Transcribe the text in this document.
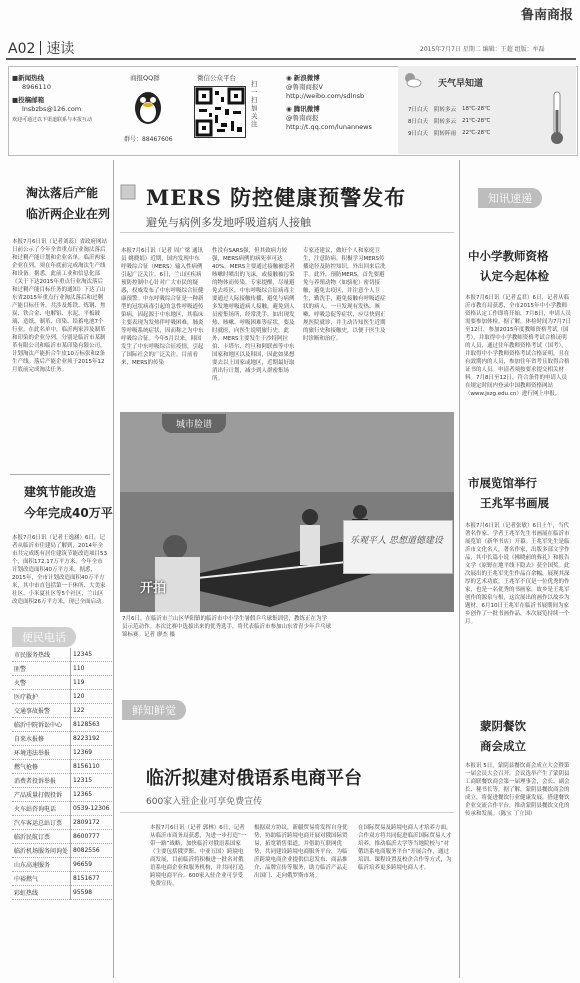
鲁南商报
A02 速读	2015年7月7日 星期二 编辑：王超 组版：牟磊
■新闻热线
8966110
■投稿邮箱
lnsbzbs@126.com
欢迎可通过以下渠道联系与本报互动
商报QQ群
群号：88467606
微信公众平台
扫一扫 加关注
◉ 新浪微博
@鲁南商报V
http://weibo.com/sdlnsb
◉ 腾讯微博
@鲁南商报
http://t.qq.com/lunannews
天气早知道
7日白天	阴转多云	18℃-28℃
8日白天	阴转多云	21℃-28℃
9日白天	阴转阵雨	22℃-28℃
淘汰落后产能
临沂两企业在列
本报7月6日讯（记者刘蕊）省政府网站日前公示了今年全省重点行业淘汰落后和过剩产能计划和企业名单，临沂两家企业在列，须在年底前完成淘汰生产线和设备。据悉，此前工业和信息化部《关于下达2015年重点行业淘汰落后和过剩产能目标任务的通知》下达了山东省2015年重点行业淘汰落后和过剩产能目标任务，共涉及炼铁、炼钢、焦炭、铁合金、电解铝、水泥、平板玻璃、造纸、制革、印染、铅蓄电池7个行业。在此名单中，临沂两家涉及制革和印染的企业分列，分别是临沂市某制革有限公司和临沂市某印染有限公司，计划淘汰产能折合牛皮10万标张和2条生产线。落后产能企业须于2015年12月底前完成淘汰任务。
建筑节能改造
今年完成40万平
本报7月6日讯（记者王逸涵）6日，记者从临沂市住建局了解到，2014年全市共完成既有居住建筑节能改造项目53个，面积172.17万平方米。今年全市计划改造面积40万平方米。据悉，2015年，全市计划改造面积40万平方米，其中市直包括第一干休所、大美家社区、小米夏社区等5个社区，兰山区改造面积26万平方米，现已全面启动。
便民电话
市民服务热线	12345
匪警	110
火警	119
医疗救护	120
交通事故报警	122
临沂中院诉讼中心	8128563
自来水报修	8223192
环境违法举报	12369
燃气抢修	8156110
消费者投诉举报	12315
产品质量打假投诉	12365
火车站咨询电话	0539-12306
汽车客运总站订票	2809172
临沂民航订票	8600777
临沂机场服务问询处	8082556
山东高速服务	96659
中裕燃气	8151677
彩虹热线	95598
MERS 防控健康预警发布
避免与病例多发地呼吸道病人接触
本报7月6日讯（记者 周广梁 通讯员 姚晓娟）近期，国内发现中东呼吸综合征（MERS）输入性病例引起广泛关注。6日，兰山区疾病预防控制中心针对广大市民的疑惑，权威发布了中东呼吸综合征健康预警。中东呼吸综合征是一种新型的冠状病毒引起的急性呼吸道传染病，因起源于中东地区，其临床主要表现为发热伴呼吸困难，肺炎等呼吸系统症状，因而称之为中东呼吸综合征。今年5月以来，韩国发生了中东呼吸综合征疫情，引起了国际社会的广泛关注。目前看来，MERS的传染
性没有SARS强，但其致病力较强，MERS病例的病死率可达40%。MERS主要通过接触被患者咳嗽时喷出的飞沫，或接触被污染的物体而传染。专家提醒，尽量避免去疫区，中东呼吸综合征病毒主要通过人际接触传播，避免与病例多发地呼吸道病人接触，避免到人员密集场所，经常洗手。如出现发热、咳嗽、呼吸困难等症状，要及时就医，向医生说明旅行史。此外，MERS主要发生于沙特阿拉伯、卡塔尔、约旦和阿联酋等中东国家和地区以及韩国，因此如果想要去以上国家或地区，近期最好取消出行计划，减少到人群密集场所。
专家还建议，做好个人和家庭卫生，注意防病。积极学习MERS传播途径及防控知识，外出回来后洗手。此外，预防MERS，首先要避免与养殖动物（如骆驼）密切接触，避免去疫区，并注意个人卫生，勤洗手，避免接触有呼吸道症状的病人。一旦发现有发热、咳嗽、呼吸急促等症状，应尽快到正规医院就诊，并主动告知医生近期的旅行史和接触史，以便于医生及时诊断和治疗。
知讯速递
城市脸谱
开拍
乐观平人 思想道德建设
7月6日，在临沂市兰山区华阳镇的临沂市中小学生暑假乒乓球集训营，教练正在为学员示范动作。本次比赛中选拔出来的优秀选手，将代表临沂市参加山东省青少年乒乓球锦标赛。记者 廖杰 摄
鲜知鲜觉
临沂拟建对俄语系电商平台
600家入驻企业可享免费宣传
本报7月6日讯（记者 郭林）6日，记者从临沂市商务局获悉，为进一步打造“一带一路”战略，加快临沂对俄语系国家（主要包括俄罗斯、中亚五国）跨境电商发展，目前临沂将积极进一批名对俄语系电商企业和服务机构，并共同打造跨境电商平台。600家入驻企业可享受免费宣传。
根据双方协议，新疆贸易将发挥自身优势，协助临沂跨境电商开展对俄国际贸易，拓宽销售渠道，并借助互联网优势，共同建设跨境电商服务平台，为临沂跨境电商企业提供信息发布、商品推介、品牌宣传等服务，助力临沂产品走出国门、走向俄罗斯市场。
在国际贸易及跨境电商人才培养方面，合作双方将共同促进临沂国际贸易人才培养，推动临沂大学等当地院校与“对俄语系电商服务平台”开展合作，通过培训、课程设置及校企合作等方式，为临沂培养更多跨境电商人才。
中小学教师资格
认定今起体检
本报7月6日讯（记者孟君）6日，记者从临沂市教育局获悉，全市2015年中小学教师资格认定工作即将开始，7月8日，申请人员需要参加体检。据了解，体检时间为7月7日至12日，参加2015年度教师资格考试（国考），并取得中小学教师资格考试合格证明的人员，通过往年教师资格考试（国考），并取得中小学教师资格考试合格证明，且在有效期内的人员，参加往年省考且取得合格证书的人员。申请者须按要求提交相关材料。7月8日至12日，符合条件的申请人员在规定时间内登录中国教师资格网站（www.jszg.edu.cn）进行网上申报。
市展览馆举行
王兆军书画展
本报7月6日讯（记者张敏）6日上午，当代著名作家、学者王兆军先生书画展在临沂市展览馆（新华书店）开幕。王兆军先生是临沂市文化名人，著名作家，出版多部文学作品，其中长篇小说《拂晓前的葬礼》和报告文学《原野在地平线下隐去》获全国奖。此次展出的王兆军先生作品百余幅，展现其深厚的艺术功底。王兆军不仅是一位优秀的作家，也是一名优秀的书画家，故乡是王兆军创作的源泉与根，这次展出的画作以故乡为题材，6月10日王兆军在临沂书展期间为家乡创作了一批书画作品，本次展览持续一个月。
蒙阴餐饮
商会成立
本报讯 5日，蒙阴县餐饮商会成立大会暨第一届会员大会召开，会议选举产生了蒙阴县工商联餐饮商会第一届理事会，会长、副会长、秘书长等。据了解，蒙阴县餐饮商会的成立，将促进餐饮行业健康发展，搭建餐饮企业交流合作平台，推动蒙阴县餐饮文化的传承和发展。（陈宝 丁立国）
